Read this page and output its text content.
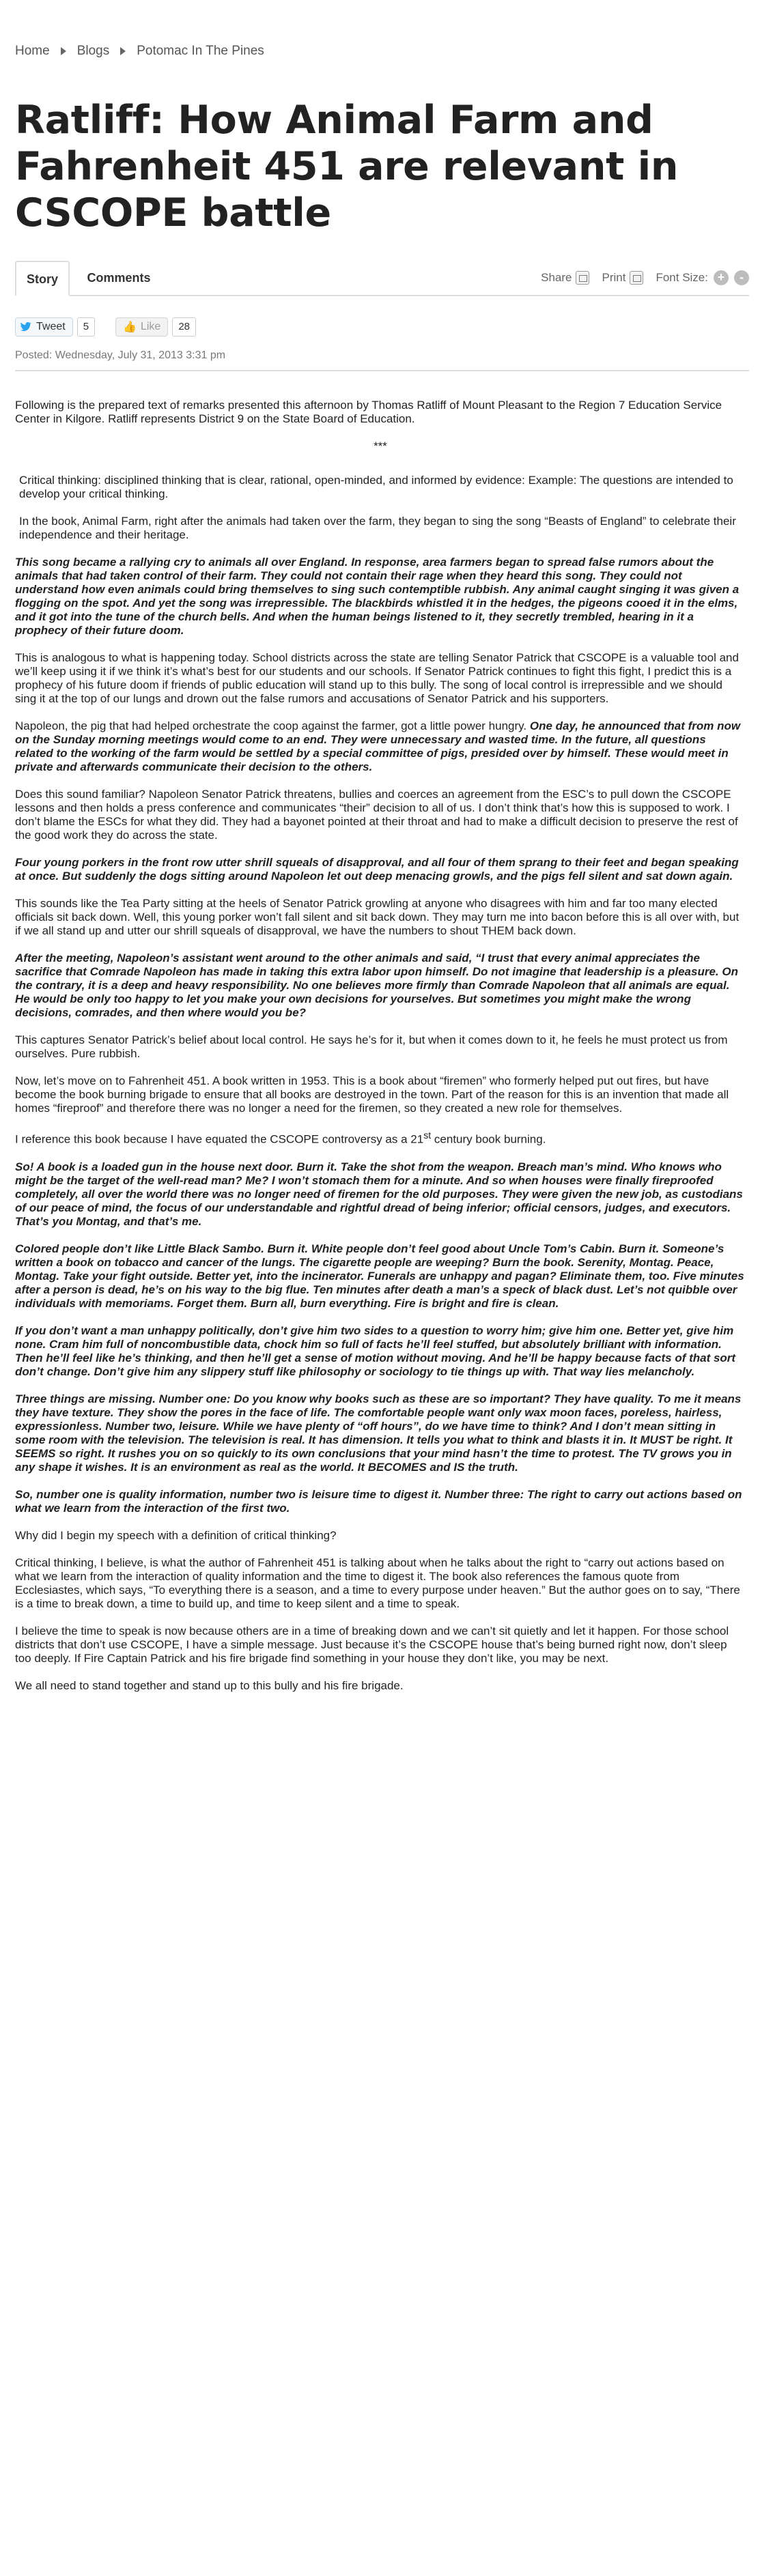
Home Blogs Potomac In The Pines
Ratliff: How Animal Farm and Fahrenheit 451 are relevant in CSCOPE battle
Story	Comments	Share	Print	Font Size: +	-
Tweet	5	👍 Like	28
Posted: Wednesday, July 31, 2013 3:31 pm

Following is the prepared text of remarks presented this afternoon by Thomas Ratliff of Mount Pleasant to the Region 7 Education Service Center in Kilgore. Ratliff represents District 9 on the State Board of Education.

***

Critical thinking: disciplined thinking that is clear, rational, open-minded, and informed by evidence: Example: The questions are intended to develop your critical thinking.

In the book, Animal Farm, right after the animals had taken over the farm, they began to sing the song “Beasts of England” to celebrate their independence and their heritage.

This song became a rallying cry to animals all over England. In response, area farmers began to spread false rumors about the animals that had taken control of their farm. They could not contain their rage when they heard this song. They could not understand how even animals could bring themselves to sing such contemptible rubbish. Any animal caught singing it was given a flogging on the spot. And yet the song was irrepressible. The blackbirds whistled it in the hedges, the pigeons cooed it in the elms, and it got into the tune of the church bells. And when the human beings listened to it, they secretly trembled, hearing in it a prophecy of their future doom.

This is analogous to what is happening today. School districts across the state are telling Senator Patrick that CSCOPE is a valuable tool and we’ll keep using it if we think it’s what’s best for our students and our schools. If Senator Patrick continues to fight this fight, I predict this is a prophecy of his future doom if friends of public education will stand up to this bully. The song of local control is irrepressible and we should sing it at the top of our lungs and drown out the false rumors and accusations of Senator Patrick and his supporters.

Napoleon, the pig that had helped orchestrate the coop against the farmer, got a little power hungry. One day, he announced that from now on the Sunday morning meetings would come to an end. They were unnecessary and wasted time. In the future, all questions related to the working of the farm would be settled by a special committee of pigs, presided over by himself. These would meet in private and afterwards communicate their decision to the others.

Does this sound familiar? Napoleon Senator Patrick threatens, bullies and coerces an agreement from the ESC’s to pull down the CSCOPE lessons and then holds a press conference and communicates “their” decision to all of us. I don’t think that’s how this is supposed to work. I don’t blame the ESCs for what they did. They had a bayonet pointed at their throat and had to make a difficult decision to preserve the rest of the good work they do across the state.

Four young porkers in the front row utter shrill squeals of disapproval, and all four of them sprang to their feet and began speaking at once. But suddenly the dogs sitting around Napoleon let out deep menacing growls, and the pigs fell silent and sat down again.

This sounds like the Tea Party sitting at the heels of Senator Patrick growling at anyone who disagrees with him and far too many elected officials sit back down. Well, this young porker won’t fall silent and sit back down. They may turn me into bacon before this is all over with, but if we all stand up and utter our shrill squeals of disapproval, we have the numbers to shout THEM back down.

After the meeting, Napoleon’s assistant went around to the other animals and said, “I trust that every animal appreciates the sacrifice that Comrade Napoleon has made in taking this extra labor upon himself. Do not imagine that leadership is a pleasure. On the contrary, it is a deep and heavy responsibility. No one believes more firmly than Comrade Napoleon that all animals are equal. He would be only too happy to let you make your own decisions for yourselves. But sometimes you might make the wrong decisions, comrades, and then where would you be?

This captures Senator Patrick’s belief about local control. He says he’s for it, but when it comes down to it, he feels he must protect us from ourselves. Pure rubbish.

Now, let’s move on to Fahrenheit 451. A book written in 1953. This is a book about “firemen” who formerly helped put out fires, but have become the book burning brigade to ensure that all books are destroyed in the town. Part of the reason for this is an invention that made all homes “fireproof” and therefore there was no longer a need for the firemen, so they created a new role for themselves.

I reference this book because I have equated the CSCOPE controversy as a 21st century book burning.

So! A book is a loaded gun in the house next door. Burn it. Take the shot from the weapon. Breach man’s mind. Who knows who might be the target of the well-read man? Me? I won’t stomach them for a minute. And so when houses were finally fireproofed completely, all over the world there was no longer need of firemen for the old purposes. They were given the new job, as custodians of our peace of mind, the focus of our understandable and rightful dread of being inferior; official censors, judges, and executors. That’s you Montag, and that’s me.

Colored people don’t like Little Black Sambo. Burn it. White people don’t feel good about Uncle Tom’s Cabin. Burn it. Someone’s written a book on tobacco and cancer of the lungs. The cigarette people are weeping? Burn the book. Serenity, Montag. Peace, Montag. Take your fight outside. Better yet, into the incinerator. Funerals are unhappy and pagan? Eliminate them, too. Five minutes after a person is dead, he’s on his way to the big flue. Ten minutes after death a man’s a speck of black dust. Let’s not quibble over individuals with memoriams. Forget them. Burn all, burn everything. Fire is bright and fire is clean.

If you don’t want a man unhappy politically, don’t give him two sides to a question to worry him; give him one. Better yet, give him none. Cram him full of noncombustible data, chock him so full of facts he’ll feel stuffed, but absolutely brilliant with information. Then he’ll feel like he’s thinking, and then he’ll get a sense of motion without moving. And he’ll be happy because facts of that sort don’t change. Don’t give him any slippery stuff like philosophy or sociology to tie things up with. That way lies melancholy.

Three things are missing. Number one: Do you know why books such as these are so important? They have quality. To me it means they have texture. They show the pores in the face of life. The comfortable people want only wax moon faces, poreless, hairless, expressionless. Number two, leisure. While we have plenty of “off hours”, do we have time to think? And I don’t mean sitting in some room with the television. The television is real. It has dimension. It tells you what to think and blasts it in. It MUST be right. It SEEMS so right. It rushes you on so quickly to its own conclusions that your mind hasn’t the time to protest. The TV grows you in any shape it wishes. It is an environment as real as the world. It BECOMES and IS the truth.

So, number one is quality information, number two is leisure time to digest it. Number three: The right to carry out actions based on what we learn from the interaction of the first two.

Why did I begin my speech with a definition of critical thinking?

Critical thinking, I believe, is what the author of Fahrenheit 451 is talking about when he talks about the right to “carry out actions based on what we learn from the interaction of quality information and the time to digest it. The book also references the famous quote from Ecclesiastes, which says, “To everything there is a season, and a time to every purpose under heaven.” But the author goes on to say, “There is a time to break down, a time to build up, and time to keep silent and a time to speak.

I believe the time to speak is now because others are in a time of breaking down and we can’t sit quietly and let it happen. For those school districts that don’t use CSCOPE, I have a simple message. Just because it’s the CSCOPE house that’s being burned right now, don’t sleep too deeply. If Fire Captain Patrick and his fire brigade find something in your house they don’t like, you may be next.

We all need to stand together and stand up to this bully and his fire brigade.
